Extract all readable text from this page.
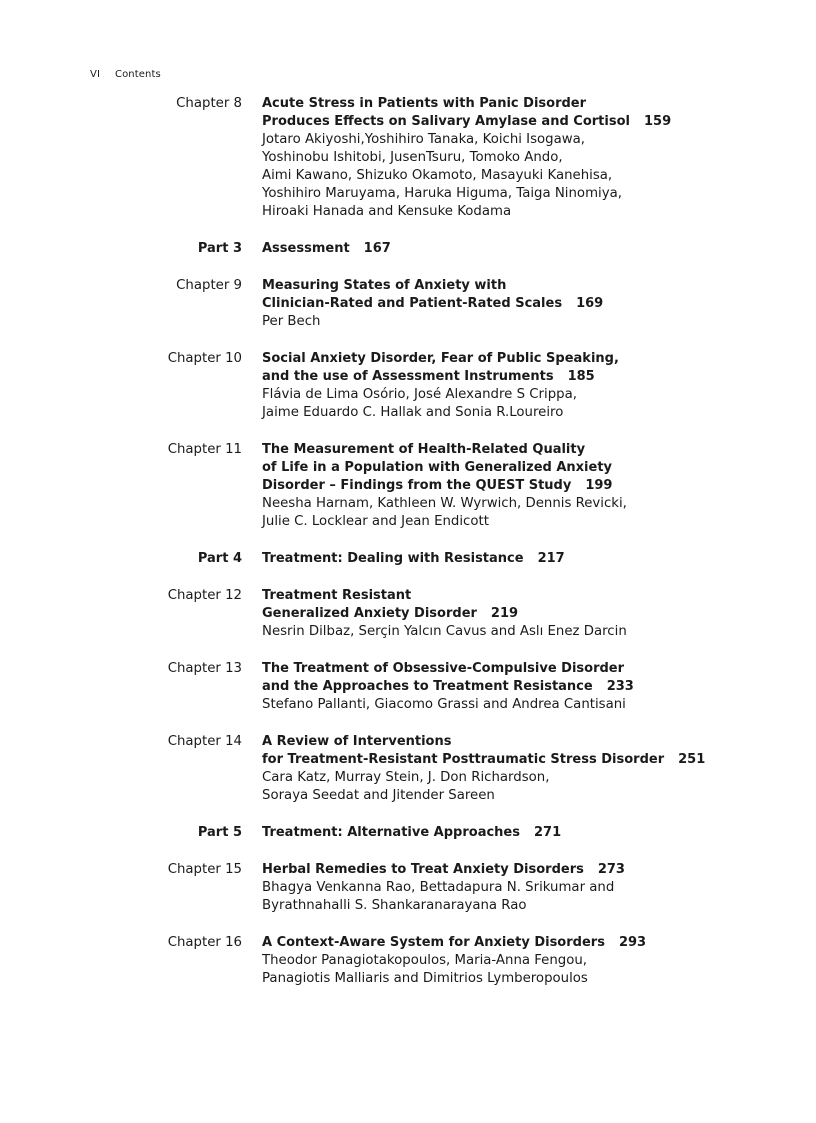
VI Contents
Chapter 8 Acute Stress in Patients with Panic Disorder
Produces Effects on Salivary Amylase and Cortisol 159
Jotaro Akiyoshi,Yoshihiro Tanaka, Koichi Isogawa,
Yoshinobu Ishitobi, JusenTsuru, Tomoko Ando,
Aimi Kawano, Shizuko Okamoto, Masayuki Kanehisa,
Yoshihiro Maruyama, Haruka Higuma, Taiga Ninomiya,
Hiroaki Hanada and Kensuke Kodama
Part 3 Assessment 167
Chapter 9 Measuring States of Anxiety with
Clinician-Rated and Patient-Rated Scales 169
Per Bech
Chapter 10 Social Anxiety Disorder, Fear of Public Speaking,
and the use of Assessment Instruments 185
Flávia de Lima Osório, José Alexandre S Crippa,
Jaime Eduardo C. Hallak and Sonia R.Loureiro
Chapter 11 The Measurement of Health-Related Quality
of Life in a Population with Generalized Anxiety
Disorder – Findings from the QUEST Study 199
Neesha Harnam, Kathleen W. Wyrwich, Dennis Revicki,
Julie C. Locklear and Jean Endicott
Part 4 Treatment: Dealing with Resistance 217
Chapter 12 Treatment Resistant
Generalized Anxiety Disorder 219
Nesrin Dilbaz, Serçin Yalcın Cavus and Aslı Enez Darcin
Chapter 13 The Treatment of Obsessive-Compulsive Disorder
and the Approaches to Treatment Resistance 233
Stefano Pallanti, Giacomo Grassi and Andrea Cantisani
Chapter 14 A Review of Interventions
for Treatment-Resistant Posttraumatic Stress Disorder 251
Cara Katz, Murray Stein, J. Don Richardson,
Soraya Seedat and Jitender Sareen
Part 5 Treatment: Alternative Approaches 271
Chapter 15 Herbal Remedies to Treat Anxiety Disorders 273
Bhagya Venkanna Rao, Bettadapura N. Srikumar and
Byrathnahalli S. Shankaranarayana Rao
Chapter 16 A Context-Aware System for Anxiety Disorders 293
Theodor Panagiotakopoulos, Maria-Anna Fengou,
Panagiotis Malliaris and Dimitrios Lymberopoulos
